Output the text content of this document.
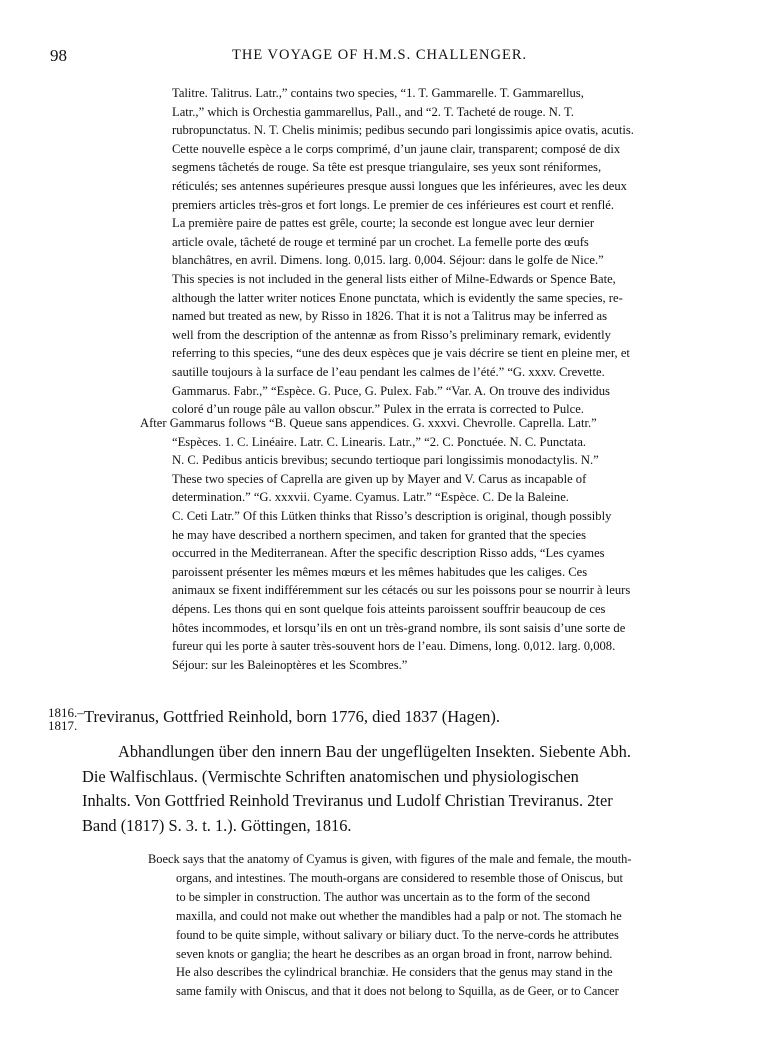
98	THE VOYAGE OF H.M.S. CHALLENGER.
Talitre. Talitrus. Latr.,” contains two species, “1. T. Gammarelle. T. Gammarellus,
Latr.,” which is Orchestia gammarellus, Pall., and “2. T. Tacheté de rouge. N. T.
rubropunctatus. N. T. Chelis minimis; pedibus secundo pari longissimis apice ovatis, acutis.
Cette nouvelle espèce a le corps comprimé, d’un jaune clair, transparent; composé de dix
segmens tâchetés de rouge. Sa tête est presque triangulaire, ses yeux sont réniformes,
réticulés; ses antennes supérieures presque aussi longues que les inférieures, avec les deux
premiers articles très-gros et fort longs. Le premier de ces inférieures est court et renflé.
La première paire de pattes est grêle, courte; la seconde est longue avec leur dernier
article ovale, tâcheté de rouge et terminé par un crochet. La femelle porte des œufs
blanchâtres, en avril. Dimens. long. 0,015. larg. 0,004. Séjour: dans le golfe de Nice.”
This species is not included in the general lists either of Milne-Edwards or Spence Bate,
although the latter writer notices Enone punctata, which is evidently the same species, re-
named but treated as new, by Risso in 1826. That it is not a Talitrus may be inferred as
well from the description of the antennæ as from Risso’s preliminary remark, evidently
referring to this species, “une des deux espèces que je vais décrire se tient en pleine mer, et
sautille toujours à la surface de l’eau pendant les calmes de l’été.” “G. xxxv. Crevette.
Gammarus. Fabr.,” “Espèce. G. Puce, G. Pulex. Fab.” “Var. A. On trouve des individus
coloré d’un rouge pâle au vallon obscur.” Pulex in the errata is corrected to Pulce.
After Gammarus follows “B. Queue sans appendices. G. xxxvi. Chevrolle. Caprella. Latr.”
“Espèces. 1. C. Linéaire. Latr. C. Linearis. Latr.,” “2. C. Ponctuée. N. C. Punctata.
N. C. Pedibus anticis brevibus; secundo tertioque pari longissimis monodactylis. N.”
These two species of Caprella are given up by Mayer and V. Carus as incapable of
determination.” “G. xxxvii. Cyame. Cyamus. Latr.” “Espèce. C. De la Baleine.
C. Ceti Latr.” Of this Lütken thinks that Risso’s description is original, though possibly
he may have described a northern specimen, and taken for granted that the species
occurred in the Mediterranean. After the specific description Risso adds, “Les cyames
paroissent présenter les mêmes mœurs et les mêmes habitudes que les caliges. Ces
animaux se fixent indifféremment sur les cétacés ou sur les poissons pour se nourrir à leurs
dépens. Les thons qui en sont quelque fois atteints paroissent souffrir beaucoup de ces
hôtes incommodes, et lorsqu’ils en ont un très-grand nombre, ils sont saisis d’une sorte de
fureur qui les porte à sauter très-souvent hors de l’eau. Dimens, long. 0,012. larg. 0,008.
Séjour: sur les Baleinoptères et les Scombres.”
1816.–
1817. Treviranus, Gottfried Reinhold, born 1776, died 1837 (Hagen).
Abhandlungen über den innern Bau der ungeflügelten Insekten. Siebente Abh.
Die Walfischlaus. (Vermischte Schriften anatomischen und physiologischen
Inhalts. Von Gottfried Reinhold Treviranus und Ludolf Christian Treviranus. 2ter
Band (1817) S. 3. t. 1.). Göttingen, 1816.
Boeck says that the anatomy of Cyamus is given, with figures of the male and female, the mouth-
organs, and intestines. The mouth-organs are considered to resemble those of Oniscus, but
to be simpler in construction. The author was uncertain as to the form of the second
maxilla, and could not make out whether the mandibles had a palp or not. The stomach he
found to be quite simple, without salivary or biliary duct. To the nerve-cords he attributes
seven knots or ganglia; the heart he describes as an organ broad in front, narrow behind.
He also describes the cylindrical branchiæ. He considers that the genus may stand in the
same family with Oniscus, and that it does not belong to Squilla, as de Geer, or to Cancer
